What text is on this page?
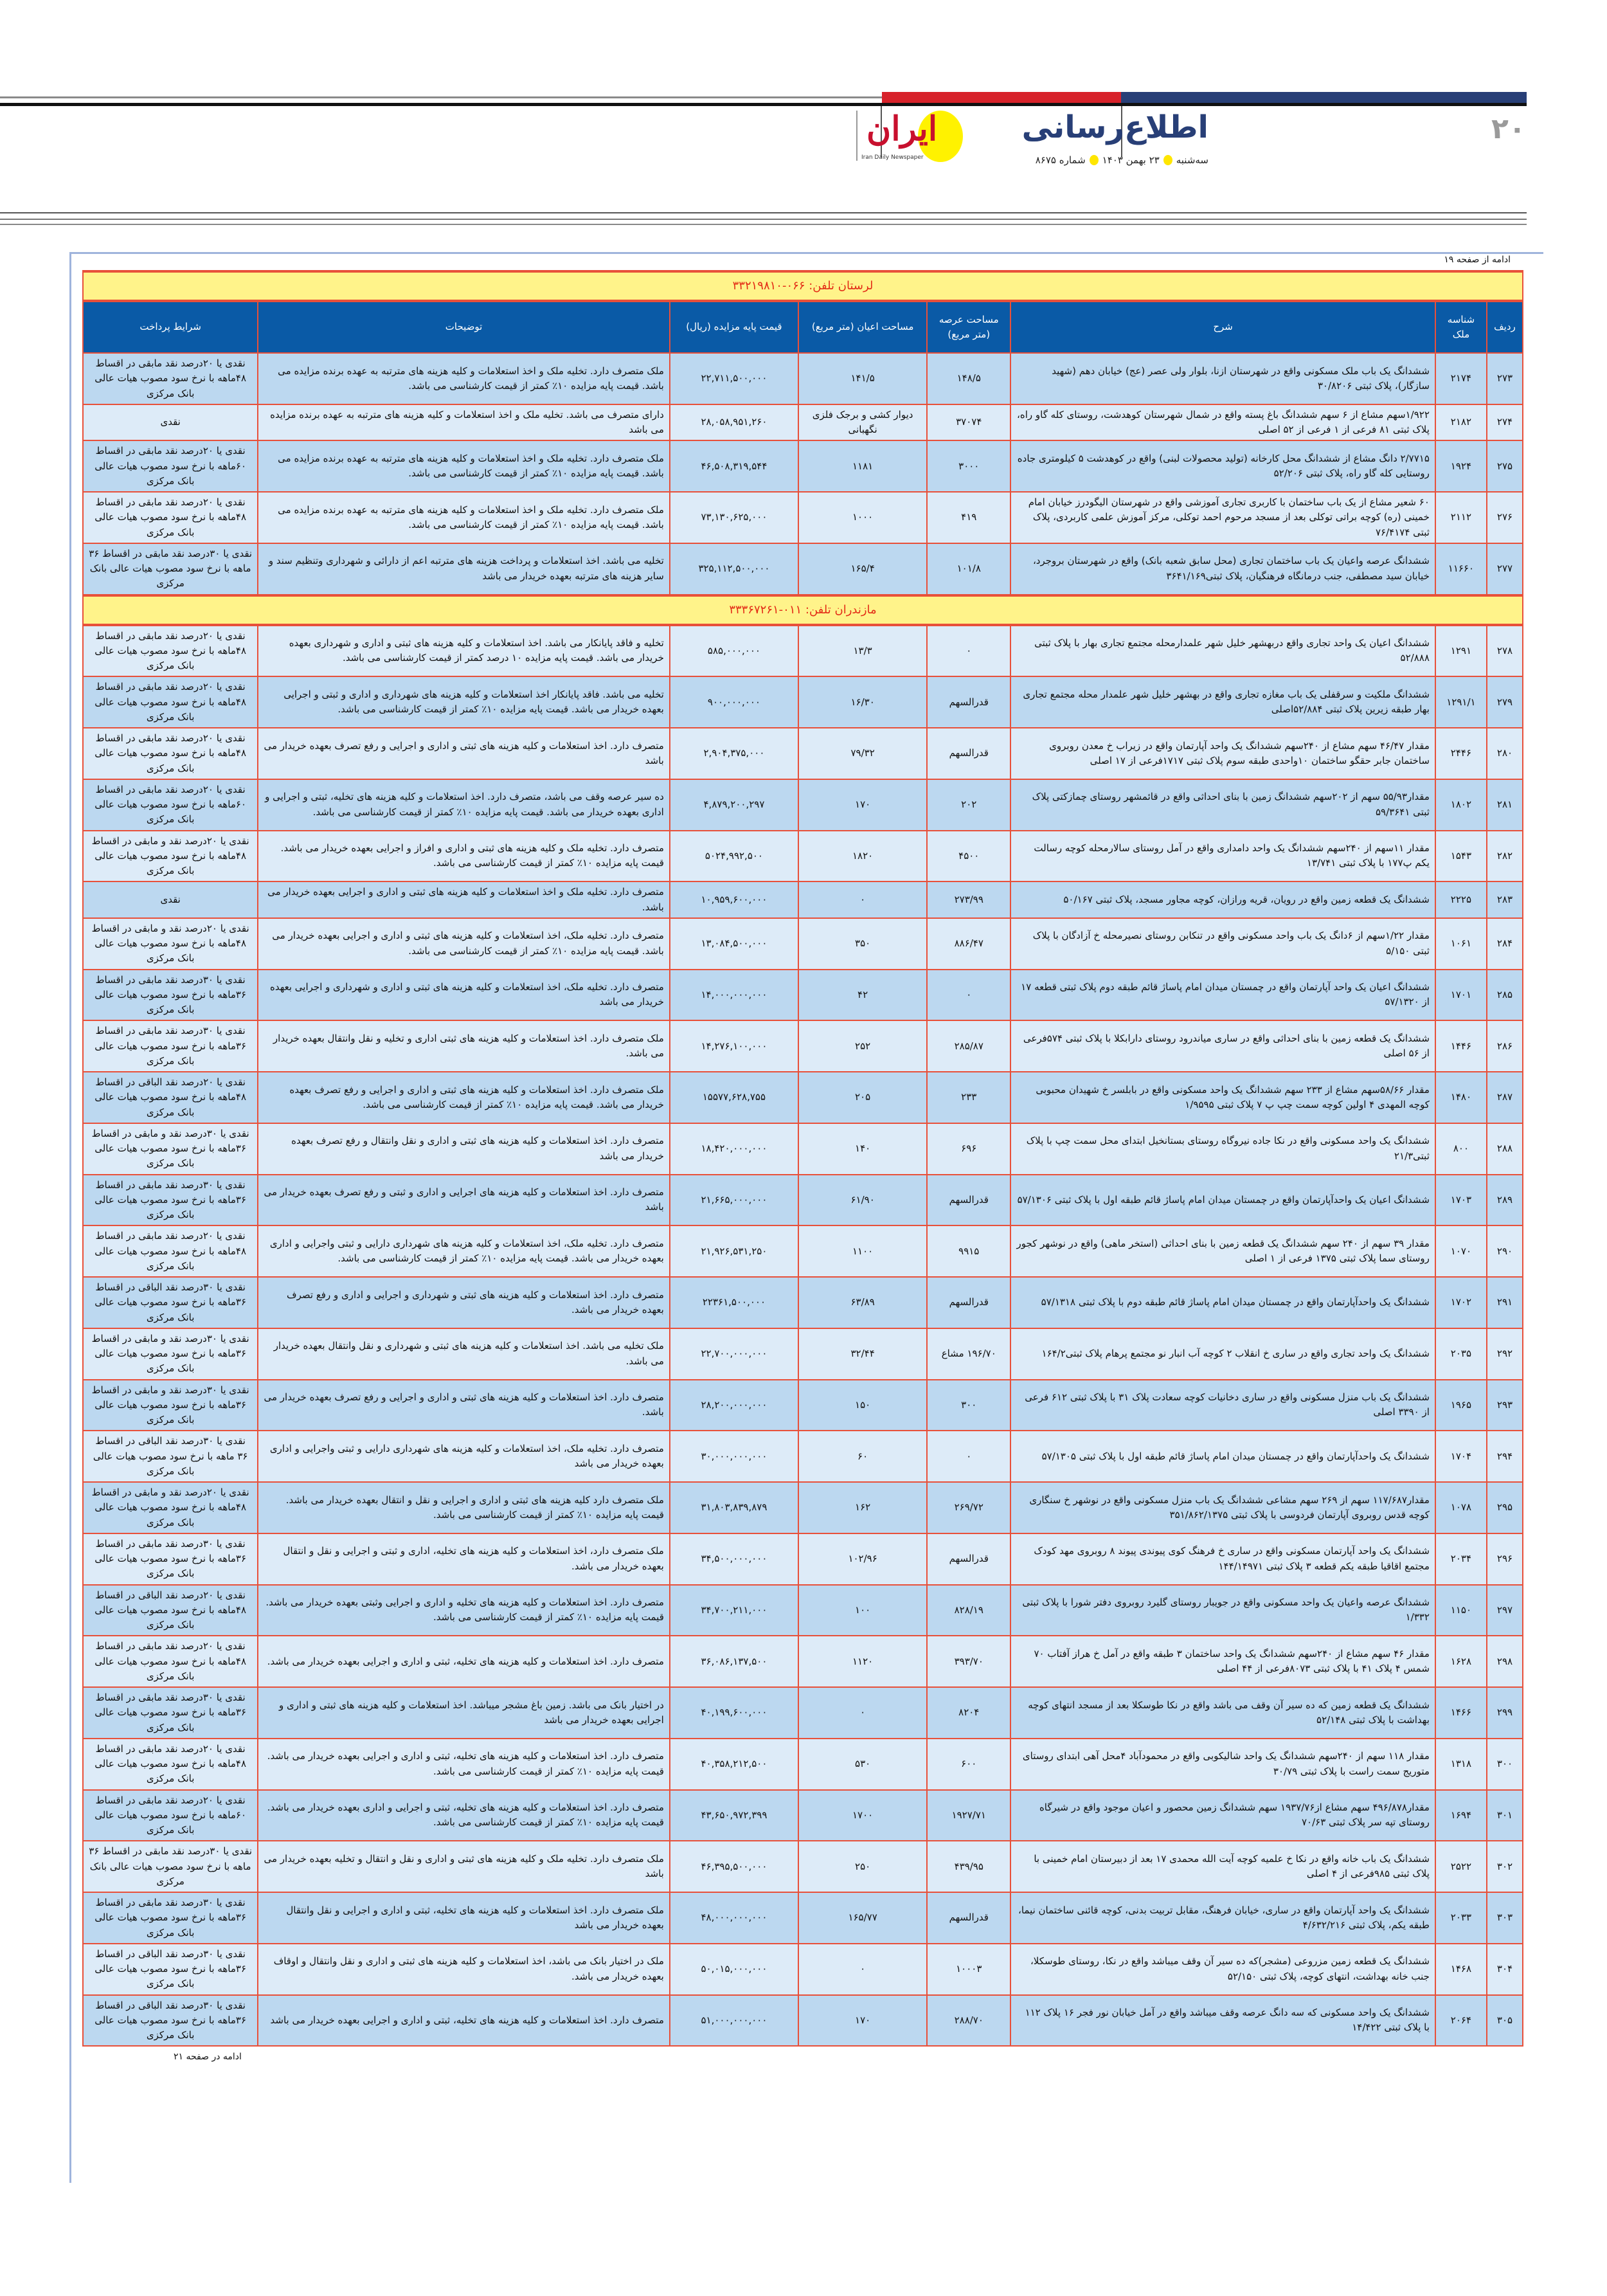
۲۰
اطلاع‌رسانی
سه‌شنبه
۲۳ بهمن ۱۴۰۳
شماره ۸۶۷۵
ایران
Iran Daily Newspaper
ادامه از صفحه ۱۹
لرستان تلفن: ۰۶۶-۳۳۲۱۹۸۱۰							
ردیف	شناسه ملک	شرح	مساحت عرصه (متر مربع)	مساحت اعیان (متر مربع)	قیمت پایه مزایده (ریال)	توضیحات	شرایط پرداخت
۲۷۳	۲۱۷۴	ششدانگ یک باب ملک مسکونی واقع در شهرستان ازنا، بلوار ولی عصر (عج) خیابان دهم (شهید سازگار)، پلاک ثبتی ۳۰/۸۲۰۶	۱۴۸/۵	۱۴۱/۵	۲۲,۷۱۱,۵۰۰,۰۰۰	ملک متصرف دارد. تخلیه ملک و اخذ استعلامات و کلیه هزینه های مترتبه به عهده برنده مزایده می باشد. قیمت پایه مزایده ۱۰٪ کمتر از قیمت کارشناسی می باشد.	نقدی یا ۲۰درصد نقد مابقی در اقساط ۴۸ماهه با نرخ سود مصوب هیات عالی بانک مرکزی
۲۷۴	۲۱۸۲	۱/۹۲۲سهم مشاع از ۶ سهم ششدانگ باغ پسته واقع در شمال شهرستان کوهدشت، روستای کله گاو راه، پلاک ثبتی ۸۱ فرعی از ۱ فرعی از ۵۲ اصلی	۳۷۰۷۴	دیوار کشی و برجک فلزی نگهبانی	۲۸,۰۵۸,۹۵۱,۲۶۰	دارای متصرف می باشد. تخلیه ملک و اخذ استعلامات و کلیه هزینه های مترتبه به عهده برنده مزایده می باشد	نقدی
۲۷۵	۱۹۲۴	۲/۷۷۱۵ دانگ مشاع از ششدانگ محل کارخانه (تولید محصولات لبنی) واقع در کوهدشت ۵ کیلومتری جاده روستایی کله گاو راه، پلاک ثبتی ۵۲/۲۰۶	۳۰۰۰	۱۱۸۱	۴۶,۵۰۸,۳۱۹,۵۴۴	ملک متصرف دارد. تخلیه ملک و اخذ استعلامات و کلیه هزینه های مترتبه به عهده برنده مزایده می باشد. قیمت پایه مزایده ۱۰٪ کمتر از قیمت کارشناسی می باشد.	نقدی یا ۲۰درصد نقد مابقی در اقساط ۶۰ماهه با نرخ سود مصوب هیات عالی بانک مرکزی
۲۷۶	۲۱۱۲	۶۰ شعیر مشاع از یک باب ساختمان با کاربری تجاری آموزشی واقع در شهرستان الیگودرز خیابان امام خمینی (ره) کوچه براتی توکلی بعد از مسجد مرحوم احمد توکلی، مرکز آموزش علمی کاربردی، پلاک ثبتی ۷۶/۴۱۷۴	۴۱۹	۱۰۰۰	۷۳,۱۳۰,۶۲۵,۰۰۰	ملک متصرف دارد. تخلیه ملک و اخذ استعلامات و کلیه هزینه های مترتبه به عهده برنده مزایده می باشد. قیمت پایه مزایده ۱۰٪ کمتر از قیمت کارشناسی می باشد.	نقدی یا ۲۰درصد نقد مابقی در اقساط ۴۸ماهه با نرخ سود مصوب هیات عالی بانک مرکزی
۲۷۷	۱۱۶۶۰	ششدانگ عرصه واعیان یک باب ساختمان تجاری (محل سابق شعبه بانک) واقع در شهرستان بروجرد، خیابان سید مصطفی، جنب درمانگاه فرهنگیان، پلاک ثبتی۳۶۴۱/۱۶۹	۱۰۱/۸	۱۶۵/۴	۳۲۵,۱۱۲,۵۰۰,۰۰۰	تخلیه می باشد. اخذ استعلامات و پرداخت هزینه های مترتبه اعم از دارائی و شهرداری وتنظیم سند و سایر هزینه های مترتبه بعهده خریدار می باشد	نقدی یا ۳۰درصد نقد مابقی در اقساط ۳۶ ماهه با نرخ سود مصوب هیات عالی بانک مرکزی
مازندران تلفن: ۰۱۱-۳۳۳۶۷۲۶۱							
۲۷۸	۱۲۹۱	ششدانگ اعیان یک واحد تجاری واقع دربهشهر خلیل شهر علمدارمحله مجتمع تجاری بهار با پلاک ثبتی ۵۲/۸۸۸	۰	۱۳/۳	۵۸۵,۰۰۰,۰۰۰	تخلیه و فاقد پایانکار می باشد. اخذ استعلامات و کلیه هزینه های ثبتی و اداری و شهرداری بعهده خریدار می باشد. قیمت پایه مزایده ۱۰ درصد کمتر از قیمت کارشناسی می باشد.	نقدی یا ۲۰درصد نقد مابقی در اقساط ۴۸ماهه با نرخ سود مصوب هیات عالی بانک مرکزی
۲۷۹	۱۲۹۱/۱	ششدانگ ملکیت و سرقفلی یک باب مغازه تجاری واقع در بهشهر خلیل شهر علمدار محله مجتمع تجاری بهار طبقه زیرین پلاک ثبتی ۵۲/۸۸۴اصلی	قدرالسهم	۱۶/۳۰	۹۰۰,۰۰۰,۰۰۰	تخلیه می باشد. فاقد پایانکار اخذ استعلامات و کلیه هزینه های شهرداری و اداری و ثبتی و اجرایی بعهده خریدار می باشد. قیمت پایه مزایده ۱۰٪ کمتر از قیمت کارشناسی می باشد.	نقدی یا ۲۰درصد نقد مابقی در اقساط ۴۸ماهه با نرخ سود مصوب هیات عالی بانک مرکزی
۲۸۰	۲۴۴۶	مقدار ۴۶/۴۷ سهم مشاع از ۲۴۰سهم ششدانگ یک واحد آپارتمان واقع در زیراب خ معدن روبروی ساختمان جابر حقگو ساختمان ۱۰واحدی طبقه سوم پلاک ثبتی ۱۷۱۷فرعی از ۱۷ اصلی	قدرالسهم	۷۹/۳۲	۲,۹۰۴,۳۷۵,۰۰۰	متصرف دارد. اخذ استعلامات و کلیه هزینه های ثبتی و اداری و اجرایی و رفع تصرف بعهده خریدار می باشد	نقدی یا ۲۰درصد نقد مابقی در اقساط ۴۸ماهه با نرخ سود مصوب هیات عالی بانک مرکزی
۲۸۱	۱۸۰۲	مقدار۵۵/۹۳ سهم از ۲۰۲سهم ششدانگ زمین با بنای احداثی واقع در قائمشهر روستای چمازکتی پلاک ثبتی ۵۹/۳۶۴۱	۲۰۲	۱۷۰	۴,۸۷۹,۲۰۰,۲۹۷	ده سیر عرصه وقف می باشد، متصرف دارد. اخذ استعلامات و کلیه هزینه های تخلیه، ثبتی و اجرایی و اداری بعهده خریدار می باشد. قیمت پایه مزایده ۱۰٪ کمتر از قیمت کارشناسی می باشد.	نقدی یا ۲۰درصد نقد مابقی در اقساط ۶۰ماهه با نرخ سود مصوب هیات عالی بانک مرکزی
۲۸۲	۱۵۴۳	مقدار ۱۱سهم از ۲۴۰سهم ششدانگ یک واحد دامداری واقع در آمل روستای سالارمحله کوچه رسالت یکم پ۱۷۷ با پلاک ثبتی ۱۳/۷۴۱	۴۵۰۰	۱۸۲۰	۵۰۲۴,۹۹۲,۵۰۰	متصرف دارد. تخلیه ملک و کلیه هزینه های ثبتی و اداری و افراز و اجرایی بعهده خریدار می باشد. قیمت پایه مزایده ۱۰٪ کمتر از قیمت کارشناسی می باشد.	نقدی یا ۲۰درصد نقد و مابقی در اقساط ۴۸ماهه با نرخ سود مصوب هیات عالی بانک مرکزی
۲۸۳	۲۲۲۵	ششدانگ یک قطعه زمین واقع در رویان، قریه ورازان، کوچه مجاور مسجد، پلاک ثبتی ۵۰/۱۶۷	۲۷۳/۹۹	۰	۱۰,۹۵۹,۶۰۰,۰۰۰	متصرف دارد. تخلیه ملک و اخذ استعلامات و کلیه هزینه های ثبتی و اداری و اجرایی بعهده خریدار می باشد.	نقدی
۲۸۴	۱۰۶۱	مقدار ۱/۲۲سهم از ۶دانگ یک باب واحد مسکونی واقع در تنکابن روستای نصیرمحله خ آزادگان با پلاک ثبتی ۵/۱۵۰	۸۸۶/۴۷	۳۵۰	۱۳,۰۸۴,۵۰۰,۰۰۰	متصرف دارد. تخلیه ملک، اخذ استعلامات و کلیه هزینه های ثبتی و اداری و اجرایی بعهده خریدار می باشد. قیمت پایه مزایده ۱۰٪ کمتر از قیمت کارشناسی می باشد.	نقدی یا ۲۰درصد نقد و مابقی در اقساط ۴۸ماهه با نرخ سود مصوب هیات عالی بانک مرکزی
۲۸۵	۱۷۰۱	ششدانگ اعیان یک واحد آپارتمان واقع در چمستان میدان امام پاساژ قائم طبقه دوم پلاک ثبتی قطعه ۱۷ از ۵۷/۱۳۲۰	۰	۴۲	۱۴,۰۰۰,۰۰۰,۰۰۰	متصرف دارد. تخلیه ملک، اخذ استعلامات و کلیه هزینه های ثبتی و اداری و شهرداری و اجرایی بعهده خریدار می باشد	نقدی یا ۳۰درصد نقد مابقی در اقساط ۳۶ماهه با نرخ سود مصوب هیات عالی بانک مرکزی
۲۸۶	۱۴۴۶	ششدانگ یک قطعه زمین با بنای احداثی واقع در ساری میاندرود روستای دارابکلا با پلاک ثبتی ۵۷۴فرعی از ۵۶ اصلی	۲۸۵/۸۷	۲۵۲	۱۴,۲۷۶,۱۰۰,۰۰۰	ملک متصرف دارد. اخذ استعلامات و کلیه هزینه های ثبتی اداری و تخلیه و نقل وانتقال بعهده خریدار می باشد.	نقدی یا ۳۰درصد نقد مابقی در اقساط ۳۶ماهه با نرخ سود مصوب هیات عالی بانک مرکزی
۲۸۷	۱۴۸۰	مقدار ۵۸/۶۶سهم مشاع از ۲۳۳ سهم ششدانگ یک واحد مسکونی واقع در بابلسر خ شهیدان محبوبی کوچه المهدی ۴ اولین کوچه سمت چپ پ ۷ پلاک ثبتی ۱/۹۵۹۵	۲۳۳	۲۰۵	۱۵۵۷۷,۶۲۸,۷۵۵	ملک متصرف دارد. اخذ استعلامات و کلیه هزینه های ثبتی و اداری و اجرایی و رفع تصرف بعهده خریدار می باشد. قیمت پایه مزایده ۱۰٪ کمتر از قیمت کارشناسی می باشد.	نقدی یا ۲۰درصد نقد الباقی در اقساط ۴۸ماهه با نرخ سود مصوب هیات عالی بانک مرکزی
۲۸۸	۸۰۰	ششدانگ یک واحد مسکونی واقع در نکا جاده نیروگاه روستای بستانخیل ابتدای محل سمت چپ با پلاک ثبتی۲۱/۳	۶۹۶	۱۴۰	۱۸,۴۲۰,۰۰۰,۰۰۰	متصرف دارد. اخذ استعلامات و کلیه هزینه های ثبتی و اداری و نقل وانتقال و رفع تصرف بعهده خریدار می باشد	نقدی یا ۳۰درصد نقد و مابقی در اقساط ۳۶ماهه با نرخ سود مصوب هیات عالی بانک مرکزی
۲۸۹	۱۷۰۳	ششدانگ اعیان یک واحدآپارتمان واقع در چمستان میدان امام پاساژ قائم طبقه اول با پلاک ثبتی ۵۷/۱۳۰۶	قدرالسهم	۶۱/۹۰	۲۱,۶۶۵,۰۰۰,۰۰۰	متصرف دارد. اخذ استعلامات و کلیه هزینه های اجرایی و اداری و ثبتی و رفع تصرف بعهده خریدار می باشد	نقدی یا ۳۰درصد نقد مابقی در اقساط ۳۶ماهه با نرخ سود مصوب هیات عالی بانک مرکزی
۲۹۰	۱۰۷۰	مقدار ۳۹ سهم از ۲۴۰ سهم ششدانگ یک قطعه زمین با بنای احداثی (استخر ماهی) واقع در نوشهر کجور روستای سما پلاک ثبتی ۱۳۷۵ فرعی از ۱ اصلی	۹۹۱۵	۱۱۰۰	۲۱,۹۲۶,۵۳۱,۲۵۰	متصرف دارد. تخلیه ملک، اخذ استعلامات و کلیه هزینه های شهرداری دارایی و ثبتی واجرایی و اداری بعهده خریدار می باشد. قیمت پایه مزایده ۱۰٪ کمتر از قیمت کارشناسی می باشد.	نقدی یا ۲۰درصد نقد مابقی در اقساط ۴۸ماهه با نرخ سود مصوب هیات عالی بانک مرکزی
۲۹۱	۱۷۰۲	ششدانگ یک واحدآپارتمان واقع در چمستان میدان امام پاساژ قائم طبقه دوم با پلاک ثبتی ۵۷/۱۳۱۸	قدرالسهم	۶۳/۸۹	۲۲۳۶۱,۵۰۰,۰۰۰	متصرف دارد. اخذ استعلامات و کلیه هزینه های ثبتی و شهرداری و اجرایی و اداری و رفع تصرف بعهده خریدار می باشد.	نقدی یا ۳۰درصد نقد الباقی در اقساط ۳۶ماهه با نرخ سود مصوب هیات عالی بانک مرکزی
۲۹۲	۲۰۳۵	ششدانگ یک واحد تجاری واقع در ساری خ انقلاب ۲ کوچه آب انبار نو مجتمع پرهام پلاک ثبتی۱۶۴/۲	۱۹۶/۷۰ مشاع	۳۲/۴۴	۲۲,۷۰۰,۰۰۰,۰۰۰	ملک تخلیه می باشد. اخذ استعلامات و کلیه هزینه های ثبتی و شهرداری و نقل وانتقال بعهده خریدار می باشد.	نقدی یا ۳۰درصد نقد و مابقی در اقساط ۳۶ماهه با نرخ سود مصوب هیات عالی بانک مرکزی
۲۹۳	۱۹۶۵	ششدانگ یک باب منزل مسکونی واقع در ساری دخانیات کوچه سعادت پلاک ۳۱ با پلاک ثبتی ۶۱۲ فرعی از ۳۳۹۰ اصلی	۳۰۰	۱۵۰	۲۸,۲۰۰,۰۰۰,۰۰۰	متصرف دارد. اخذ استعلامات و کلیه هزینه های ثبتی و اداری و اجرایی و رفع تصرف بعهده خریدار می باشد.	نقدی یا ۳۰درصد نقد و مابقی در اقساط ۳۶ماهه با نرخ سود مصوب هیات عالی بانک مرکزی
۲۹۴	۱۷۰۴	ششدانگ یک واحدآپارتمان واقع در چمستان میدان امام پاساژ قائم طبقه اول با پلاک ثبتی ۵۷/۱۳۰۵	۰	۶۰	۳۰,۰۰۰,۰۰۰,۰۰۰	متصرف دارد. تخلیه ملک، اخذ استعلامات و کلیه هزینه های شهرداری دارایی و ثبتی واجرایی و اداری بعهده خریدار می باشد	نقدی یا ۳۰درصد نقد الباقی در اقساط ۳۶ ماهه با نرخ سود مصوب هیات عالی بانک مرکزی
۲۹۵	۱۰۷۸	مقدار۱۱۷/۶۸۷ سهم از ۲۶۹ سهم مشاعی ششدانگ یک باب منزل مسکونی واقع در نوشهر خ سنگاری کوچه قدس روبروی آپارتمان فردوسی با پلاک ثبتی ۳۵۱/۸۶۲/۱۳۷۵	۲۶۹/۷۲	۱۶۲	۳۱,۸۰۳,۸۳۹,۸۷۹	ملک متصرف دارد کلیه هزینه های ثبتی و اداری و اجرایی و نقل و انتقال بعهده خریدار می باشد. قیمت پایه مزایده ۱۰٪ کمتر از قیمت کارشناسی می باشد.	نقدی یا ۲۰درصد نقد و مابقی در اقساط ۴۸ماهه با نرخ سود مصوب هیات عالی بانک مرکزی
۲۹۶	۲۰۳۴	ششدانگ یک واحد آپارتمان مسکونی واقع در ساری خ فرهنگ کوی پیوندی پیوند ۸ روبروی مهد کودک مجتمع اقاقیا طبقه یکم قطعه ۳ پلاک ثبتی ۱۴۴/۱۴۹۷۱	قدرالسهم	۱۰۲/۹۶	۳۴,۵۰۰,۰۰۰,۰۰۰	ملک متصرف دارد، اخذ استعلامات و کلیه هزینه های تخلیه، اداری و ثبتی و اجرایی و نقل و انتقال بعهده خریدار می باشد.	نقدی یا ۳۰درصد نقد مابقی در اقساط ۳۶ماهه با نرخ سود مصوب هیات عالی بانک مرکزی
۲۹۷	۱۱۵۰	ششدانگ عرصه واعیان یک واحد مسکونی واقع در جویبار روستای گلیرد روبروی دفتر شورا با پلاک ثبتی ۱/۳۳۲	۸۲۸/۱۹	۱۰۰	۳۴,۷۰۰,۲۱۱,۰۰۰	متصرف دارد. اخذ استعلامات و کلیه هزینه های تخلیه و اداری و اجرایی وثبتی بعهده خریدار می باشد. قیمت پایه مزایده ۱۰٪ کمتر از قیمت کارشناسی می باشد.	نقدی یا ۲۰درصد نقد الباقی در اقساط ۴۸ماهه با نرخ سود مصوب هیات عالی بانک مرکزی
۲۹۸	۱۶۲۸	مقدار ۴۶ سهم مشاع از ۲۴۰سهم ششدانگ یک واحد ساختمان ۳ طبقه واقع در آمل خ هراز آفتاب ۷۰ شمس ۴ پلاک ۴۱ با پلاک ثبتی ۸۰۷۳فرعی از ۴۴ اصلی	۳۹۳/۷۰	۱۱۲۰	۳۶,۰۸۶,۱۳۷,۵۰۰	متصرف دارد. اخذ استعلامات و کلیه هزینه های تخلیه، ثبتی و اداری و اجرایی بعهده خریدار می باشد.	نقدی یا ۲۰درصد نقد مابقی در اقساط ۴۸ماهه با نرخ سود مصوب هیات عالی بانک مرکزی
۲۹۹	۱۴۶۶	ششدانگ یک قطعه زمین که ده سیر آن وقف می باشد واقع در نکا طوسکلا بعد از مسجد انتهای کوچه بهداشت با پلاک ثبتی ۵۲/۱۴۸	۸۲۰۴	۰	۴۰,۱۹۹,۶۰۰,۰۰۰	در اختیار بانک می باشد. زمین باغ مشجر میباشد. اخذ استعلامات و کلیه هزینه های ثبتی و اداری و اجرایی بعهده خریدار می باشد	نقدی یا ۳۰درصد نقد مابقی در اقساط ۳۶ماهه با نرخ سود مصوب هیات عالی بانک مرکزی
۳۰۰	۱۳۱۸	مقدار ۱۱۸ سهم از ۲۴۰سهم ششدانگ یک واحد شالیکوبی واقع در محمودآباد ۴محل آهی ابتدای روستای متوریج سمت راست با پلاک ثبتی ۳۰/۷۹	۶۰۰	۵۳۰	۴۰,۳۵۸,۲۱۲,۵۰۰	متصرف دارد. اخذ استعلامات و کلیه هزینه های تخلیه، ثبتی و اداری و اجرایی بعهده خریدار می باشد. قیمت پایه مزایده ۱۰٪ کمتر از قیمت کارشناسی می باشد.	نقدی یا ۲۰درصد نقد مابقی در اقساط ۴۸ماهه با نرخ سود مصوب هیات عالی بانک مرکزی
۳۰۱	۱۶۹۴	مقدار۴۹۶/۸۷۸ سهم مشاع از۱۹۳۷/۷۶ سهم ششدانگ زمین محصور و اعیان موجود واقع در شیرگاه روستای تپه سر پلاک ثبتی ۷۰/۶۳	۱۹۲۷/۷۱	۱۷۰۰	۴۳,۶۵۰,۹۷۲,۳۹۹	متصرف دارد. اخذ استعلامات و کلیه هزینه های تخلیه، ثبتی و اجرایی و اداری بعهده خریدار می باشد. قیمت پایه مزایده ۱۰٪ کمتر از قیمت کارشناسی می باشد.	نقدی یا ۲۰درصد نقد مابقی در اقساط ۶۰ماهه با نرخ سود مصوب هیات عالی بانک مرکزی
۳۰۲	۲۵۲۲	ششدانگ یک باب خانه واقع در نکا خ علمیه کوچه آیت الله محمدی ۱۷ بعد از دبیرستان امام خمینی با پلاک ثبتی ۹۸۵فرعی از ۴ اصلی	۴۳۹/۹۵	۲۵۰	۴۶,۳۹۵,۵۰۰,۰۰۰	ملک متصرف دارد. تخلیه ملک و کلیه هزینه های ثبتی و اداری و نقل و انتقال و تخلیه بعهده خریدار می باشد	نقدی یا ۳۰درصد نقد مابقی در اقساط ۳۶ ماهه با نرخ سود مصوب هیات عالی بانک مرکزی
۳۰۳	۲۰۳۳	ششدانگ یک واحد آپارتمان واقع در ساری، خیابان فرهنگ، مقابل تربیت بدنی، کوچه قائنی ساختمان نیما، طبقه یکم، پلاک ثبتی ۴/۶۳۲/۲۱۶	قدرالسهم	۱۶۵/۷۷	۴۸,۰۰۰,۰۰۰,۰۰۰	ملک متصرف دارد. اخذ استعلامات و کلیه هزینه های تخلیه، ثبتی و اداری و اجرایی و نقل وانتقال بعهده خریدار می باشد	نقدی یا ۳۰درصد نقد مابقی در اقساط ۳۶ماهه با نرخ سود مصوب هیات عالی بانک مرکزی
۳۰۴	۱۴۶۸	ششدانگ یک قطعه زمین مزروعی (مشجر)که ده سیر آن وقف میباشد واقع در نکا، روستای طوسکلا، جنب خانه بهداشت، انتهای کوچه، پلاک ثبتی ۵۲/۱۵۰	۱۰۰۰۳	۰	۵۰,۰۱۵,۰۰۰,۰۰۰	ملک در اختیار بانک می باشد، اخذ استعلامات و کلیه هزینه های ثبتی و اداری و نقل وانتقال و اوقاف بعهده خریدار می باشد.	نقدی یا ۳۰درصد نقد الباقی در اقساط ۳۶ماهه با نرخ سود مصوب هیات عالی بانک مرکزی
۳۰۵	۲۰۶۴	ششدانگ یک واحد مسکونی که سه دانگ عرصه وقف میباشد واقع در آمل خیابان نور فجر ۱۶ پلاک ۱۱۲ با پلاک ثبتی ۱۴/۴۲۲	۲۸۸/۷۰	۱۷۰	۵۱,۰۰۰,۰۰۰,۰۰۰	متصرف دارد. اخذ استعلامات و کلیه هزینه های تخلیه، ثبتی و اداری و اجرایی بعهده خریدار می باشد	نقدی یا ۳۰درصد نقد الباقی در اقساط ۳۶ماهه با نرخ سود مصوب هیات عالی بانک مرکزی
ادامه در صفحه ۲۱
